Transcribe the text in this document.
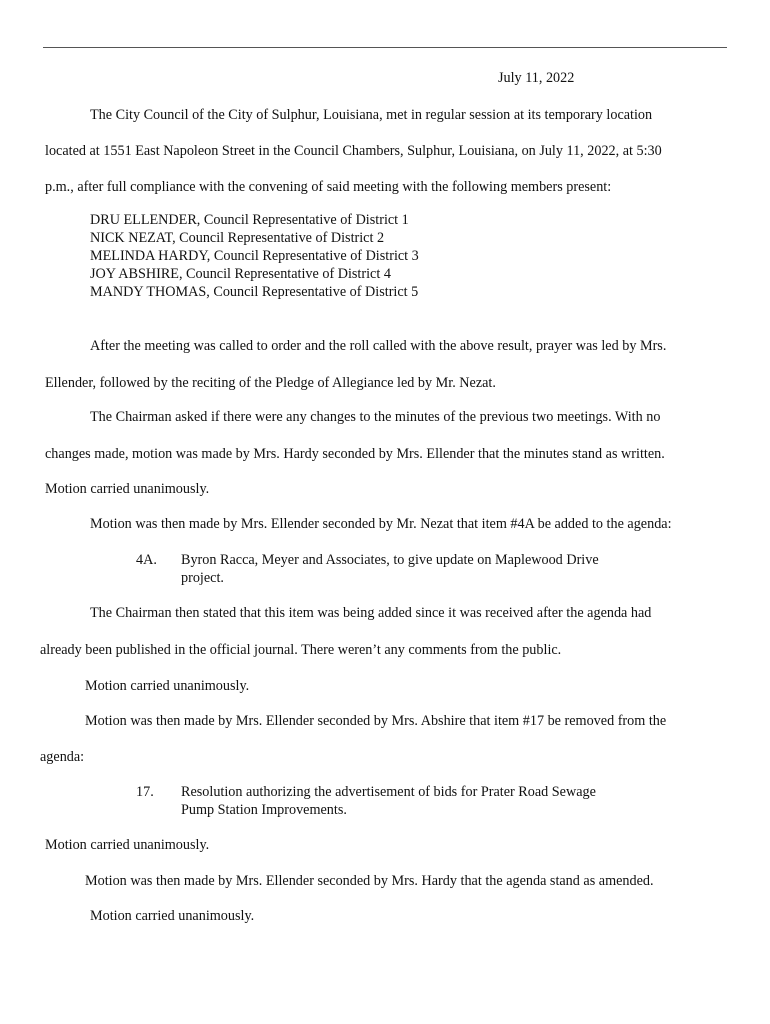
July 11, 2022
The City Council of the City of Sulphur, Louisiana, met in regular session at its temporary location
located at 1551 East Napoleon Street in the Council Chambers, Sulphur, Louisiana, on July 11, 2022, at 5:30
p.m., after full compliance with the convening of said meeting with the following members present:
DRU ELLENDER, Council Representative of District 1
NICK NEZAT, Council Representative of District 2
MELINDA HARDY, Council Representative of District 3
JOY ABSHIRE, Council Representative of District 4
MANDY THOMAS, Council Representative of District 5
After the meeting was called to order and the roll called with the above result, prayer was led by Mrs.
Ellender, followed by the reciting of the Pledge of Allegiance led by Mr. Nezat.
The Chairman asked if there were any changes to the minutes of the previous two meetings. With no
changes made, motion was made by Mrs. Hardy seconded by Mrs. Ellender that the minutes stand as written.
Motion carried unanimously.
Motion was then made by Mrs. Ellender seconded by Mr. Nezat that item #4A be added to the agenda:
4A. Byron Racca, Meyer and Associates, to give update on Maplewood Drive
project.
The Chairman then stated that this item was being added since it was received after the agenda had
already been published in the official journal. There weren’t any comments from the public.
Motion carried unanimously.
Motion was then made by Mrs. Ellender seconded by Mrs. Abshire that item #17 be removed from the
agenda:
17. Resolution authorizing the advertisement of bids for Prater Road Sewage
Pump Station Improvements.
Motion carried unanimously.
Motion was then made by Mrs. Ellender seconded by Mrs. Hardy that the agenda stand as amended.
Motion carried unanimously.
